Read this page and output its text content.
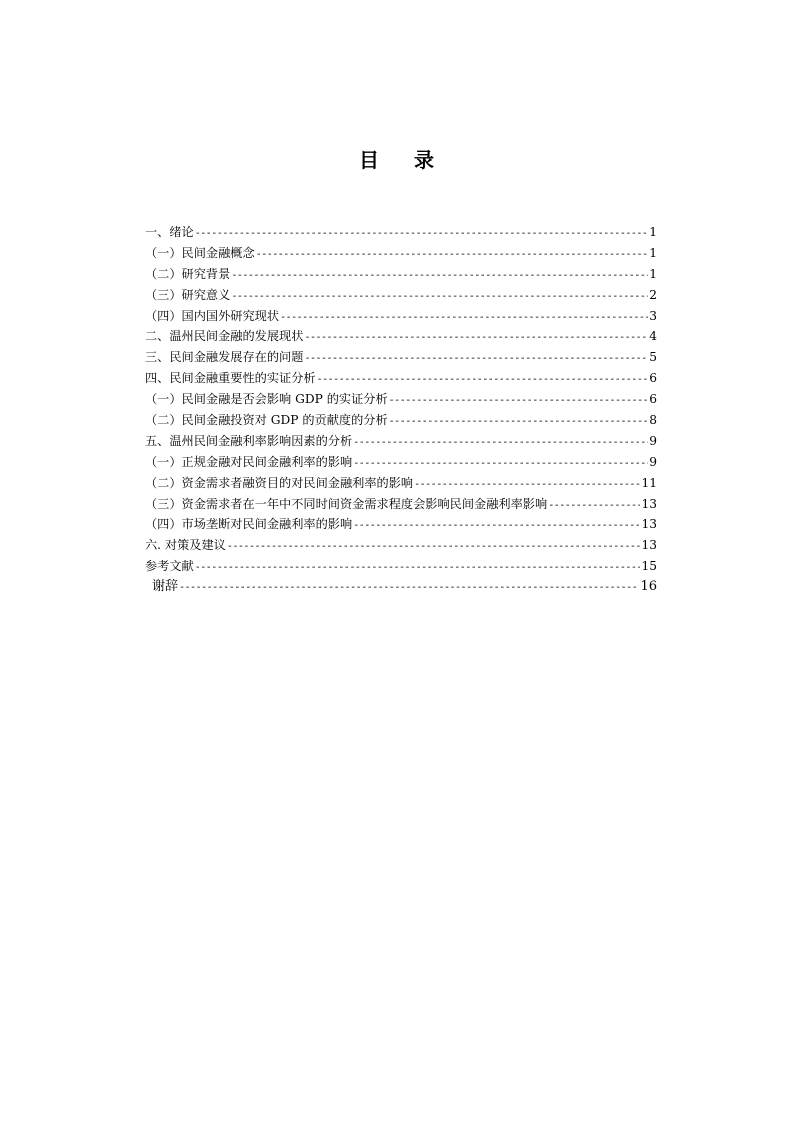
目 录
一、绪论 -----	1
（一）民间金融概念 -----	1
（二）研究背景 -----	1
（三）研究意义 -----	2
（四）国内国外研究现状 -----	3
二、温州民间金融的发展现状 -----	4
三、民间金融发展存在的问题 -----	5
四、民间金融重要性的实证分析 -----	6
（一）民间金融是否会影响 GDP 的实证分析 -----	6
（二）民间金融投资对 GDP 的贡献度的分析 -----	8
五、温州民间金融利率影响因素的分析 -----	9
（一）正规金融对民间金融利率的影响 -----	9
（二）资金需求者融资目的对民间金融利率的影响 -----	11
（三）资金需求者在一年中不同时间资金需求程度会影响民间金融利率影响 -----	13
（四）市场垄断对民间金融利率的影响 -----	13
六. 对策及建议 -----	13
参考文献 -----	15
谢辞 -----	16
